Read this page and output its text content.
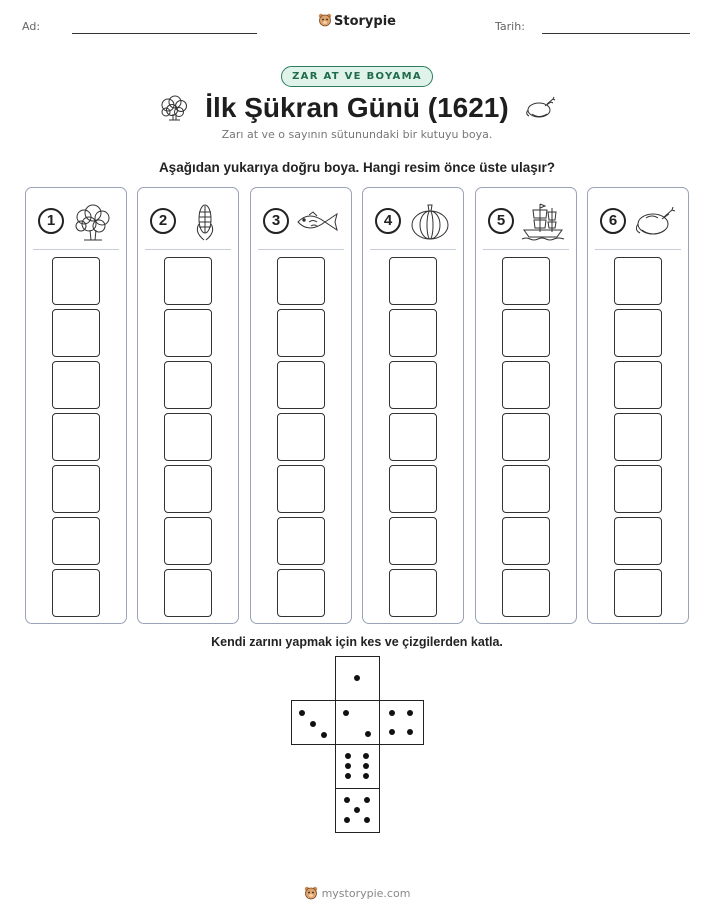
Ad:	Storypie	Tarih:
ZAR AT VE BOYAMA
İlk Şükran Günü (1621)
Zarı at ve o sayının sütunundaki bir kutuyu boya.
Aşağıdan yukarıya doğru boya. Hangi resim önce üste ulaşır?
1	2	3	4	5	6
Kendi zarını yapmak için kes ve çizgilerden katla.
mystorypie.com
